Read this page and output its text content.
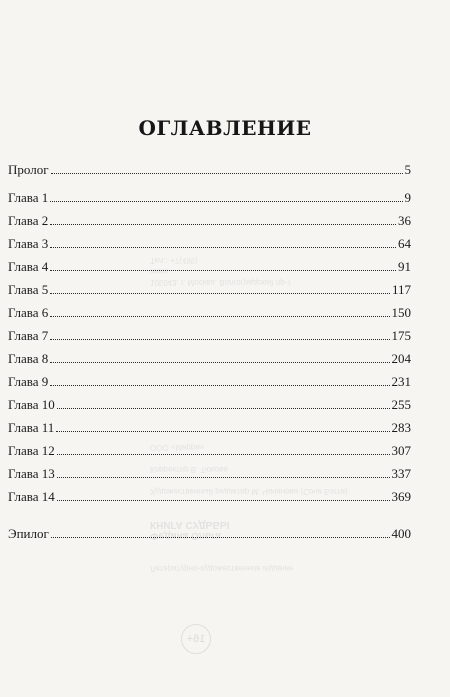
Литературно-художественное издание
Федина Ольга
КНИГА СУДЬБЫ
Художественный редактор М. Чачанова (Сочи Бэтти)
Корректор В. Тюкова
ООО «Мирра»
105043, г. Москва, Волгоградский пр-т
www.
Тел.: +7(495)
16+
ОГЛАВЛЕНИЕ
Пролог	5
Глава 1	9
Глава 2	36
Глава 3	64
Глава 4	91
Глава 5	117
Глава 6	150
Глава 7	175
Глава 8	204
Глава 9	231
Глава 10	255
Глава 11	283
Глава 12	307
Глава 13	337
Глава 14	369
Эпилог	400
